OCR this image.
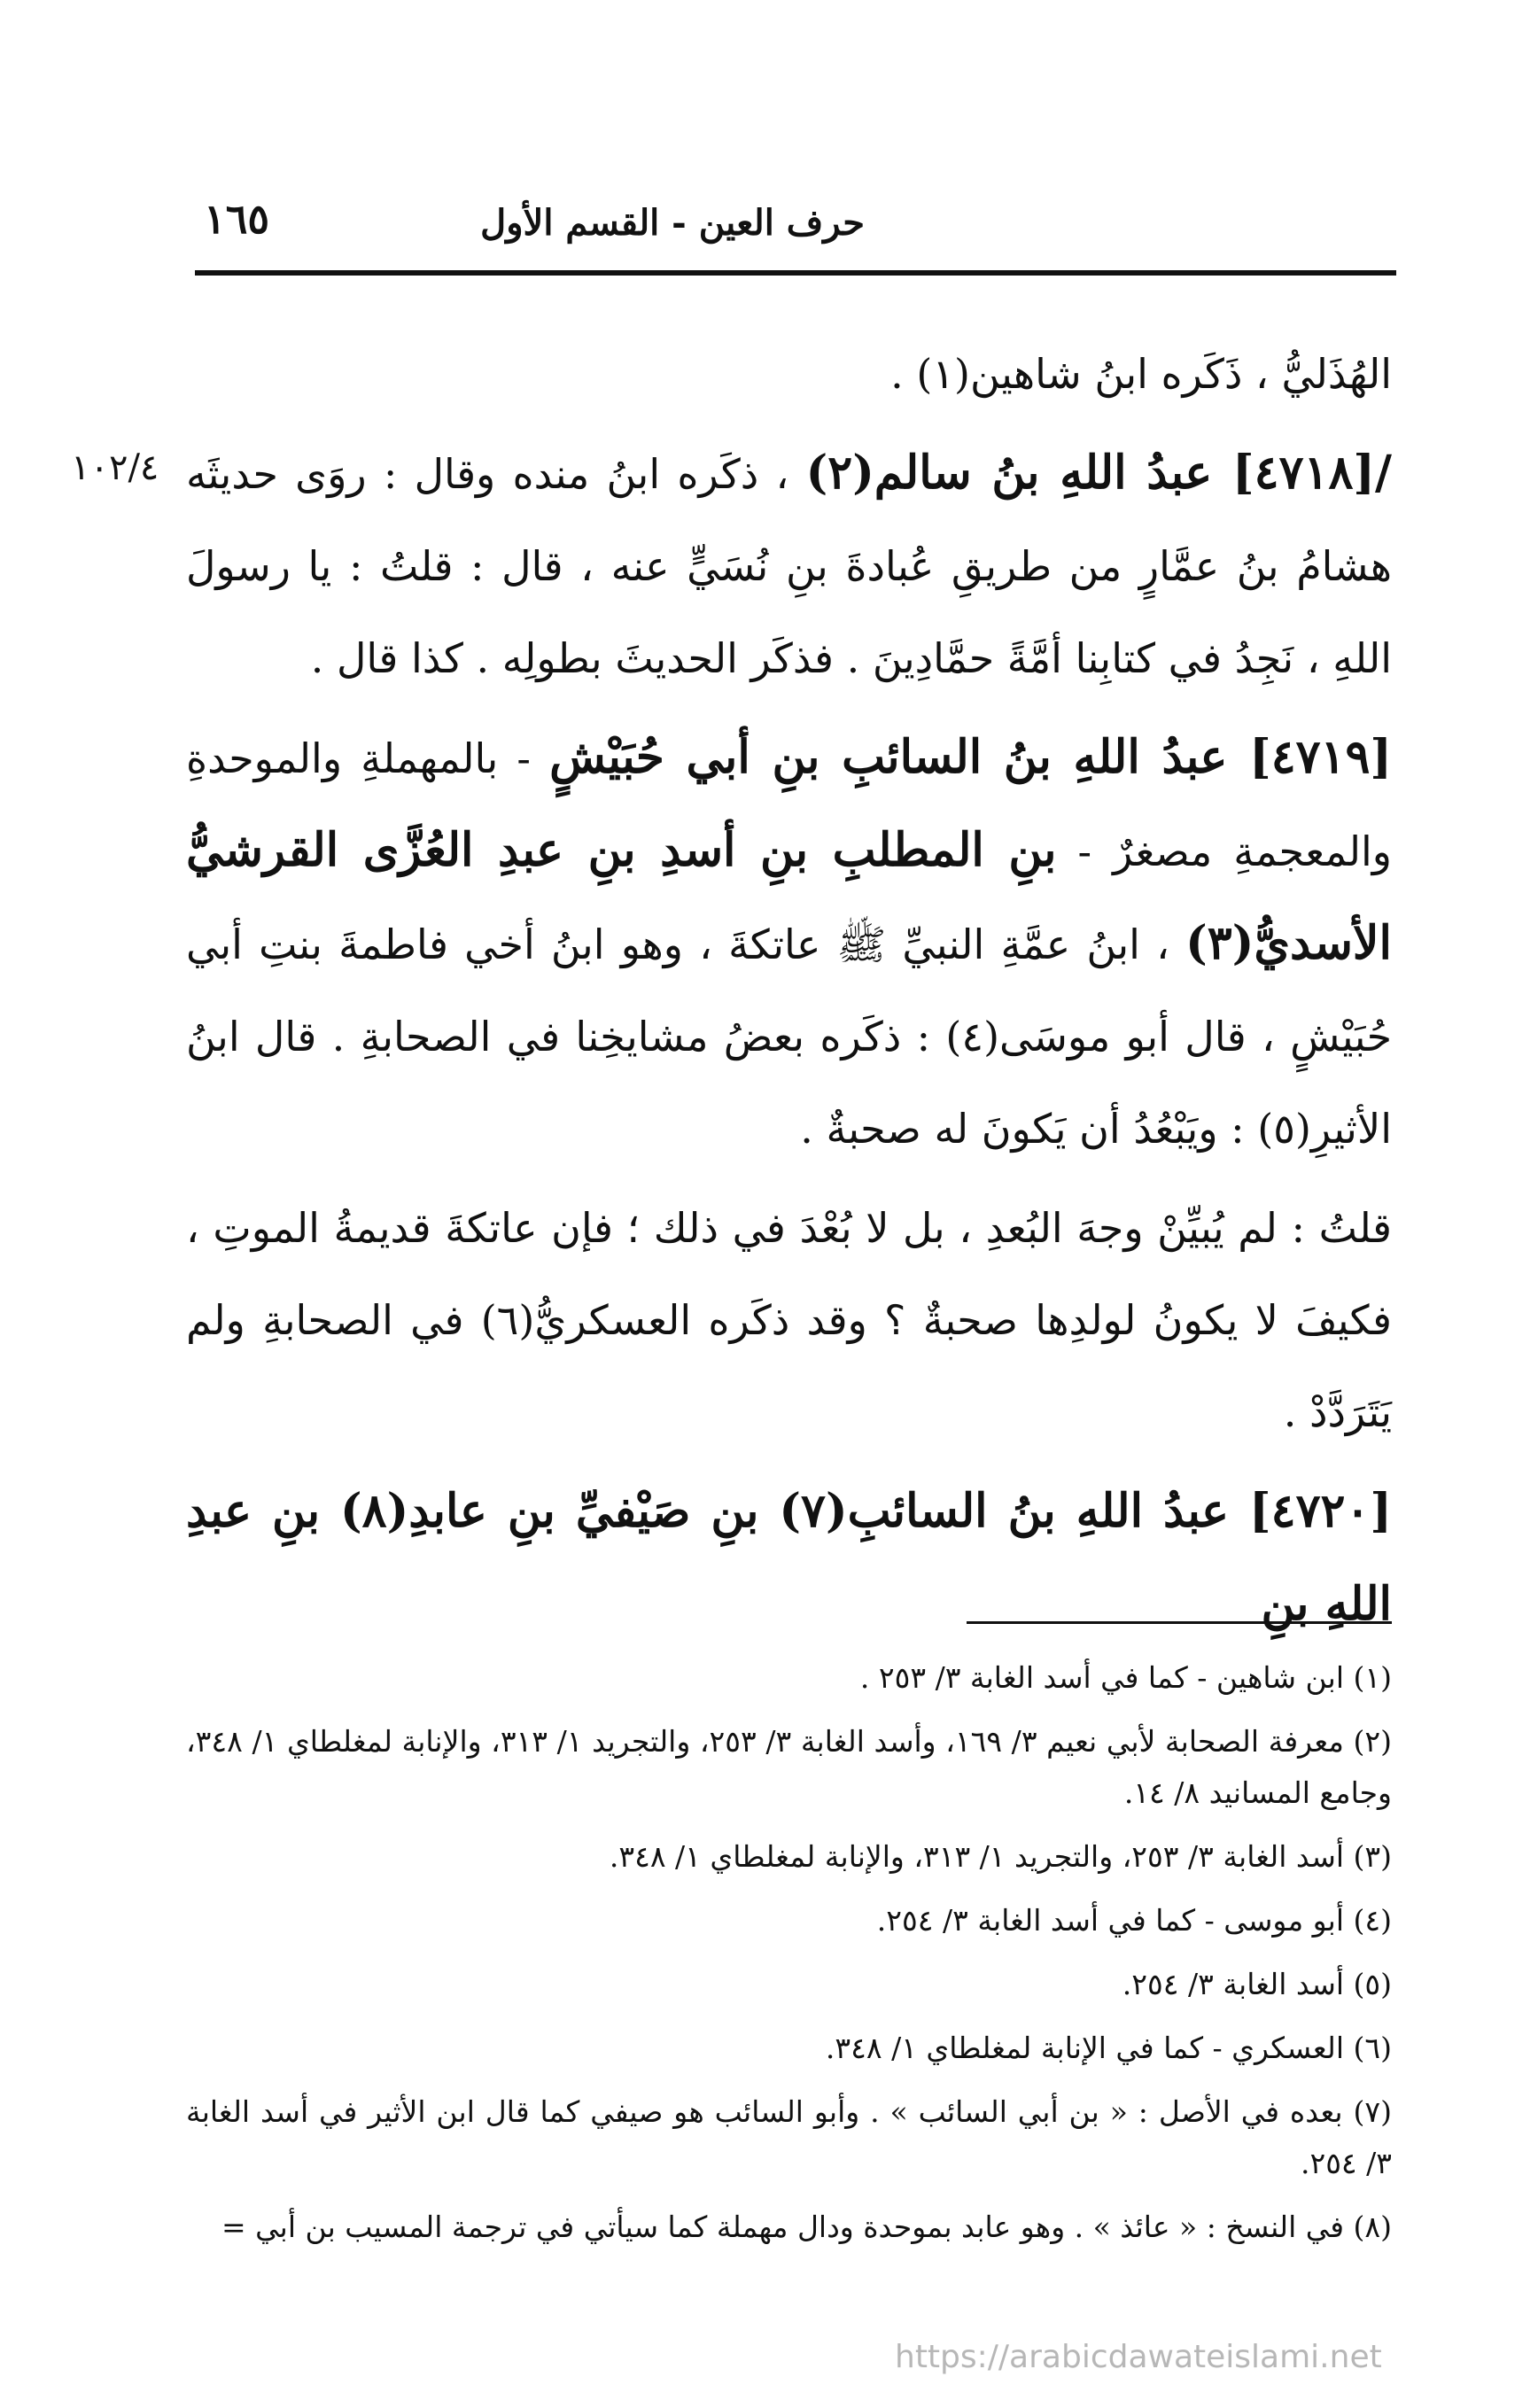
حرف العين - القسم الأول
١٦٥
١٠٢/٤

الهُذَليُّ ، ذَكَره ابنُ شاهين(١) .

/[٤٧١٨] عبدُ اللهِ بنُ سالم(٢) ، ذكَره ابنُ منده وقال : روَى حديثَه هشامُ بنُ عمَّارٍ من طريقِ عُبادةَ بنِ نُسَيٍّ عنه ، قال : قلتُ : يا رسولَ اللهِ ، نَجِدُ في كتابِنا أمَّةً حمَّادِينَ . فذكَر الحديثَ بطولِه . كذا قال .

[٤٧١٩] عبدُ اللهِ بنُ السائبِ بنِ أبي حُبَيْشٍ - بالمهملةِ والموحدةِ والمعجمةِ مصغرٌ - بنِ المطلبِ بنِ أسدِ بنِ عبدِ العُزَّى القرشيُّ الأسديُّ(٣) ، ابنُ عمَّةِ النبيِّ ﷺ عاتكةَ ، وهو ابنُ أخي فاطمةَ بنتِ أبي حُبَيْشٍ ، قال أبو موسَى(٤) : ذكَره بعضُ مشايخِنا في الصحابةِ . قال ابنُ الأثيرِ(٥) : ويَبْعُدُ أن يَكونَ له صحبةٌ .

قلتُ : لم يُبيِّنْ وجهَ البُعدِ ، بل لا بُعْدَ في ذلك ؛ فإن عاتكةَ قديمةُ الموتِ ، فكيفَ لا يكونُ لولدِها صحبةٌ ؟ وقد ذكَره العسكريُّ(٦) في الصحابةِ ولم يَتَرَدَّدْ .

[٤٧٢٠] عبدُ اللهِ بنُ السائبِ(٧) بنِ صَيْفيِّ بنِ عابدِ(٨) بنِ عبدِ اللهِ بنِ

(١) ابن شاهين - كما في أسد الغابة ٣/ ٢٥٣ .

(٢) معرفة الصحابة لأبي نعيم ٣/ ١٦٩، وأسد الغابة ٣/ ٢٥٣، والتجريد ١/ ٣١٣، والإنابة لمغلطاي ١/ ٣٤٨، وجامع المسانيد ٨/ ١٤.

(٣) أسد الغابة ٣/ ٢٥٣، والتجريد ١/ ٣١٣، والإنابة لمغلطاي ١/ ٣٤٨.

(٤) أبو موسى - كما في أسد الغابة ٣/ ٢٥٤.

(٥) أسد الغابة ٣/ ٢٥٤.

(٦) العسكري - كما في الإنابة لمغلطاي ١/ ٣٤٨.

(٧) بعده في الأصل : « بن أبي السائب » . وأبو السائب هو صيفي كما قال ابن الأثير في أسد الغابة ٣/ ٢٥٤.

(٨) في النسخ : « عائذ » . وهو عابد بموحدة ودال مهملة كما سيأتي في ترجمة المسيب بن أبي =

https://arabicdawateislami.net
